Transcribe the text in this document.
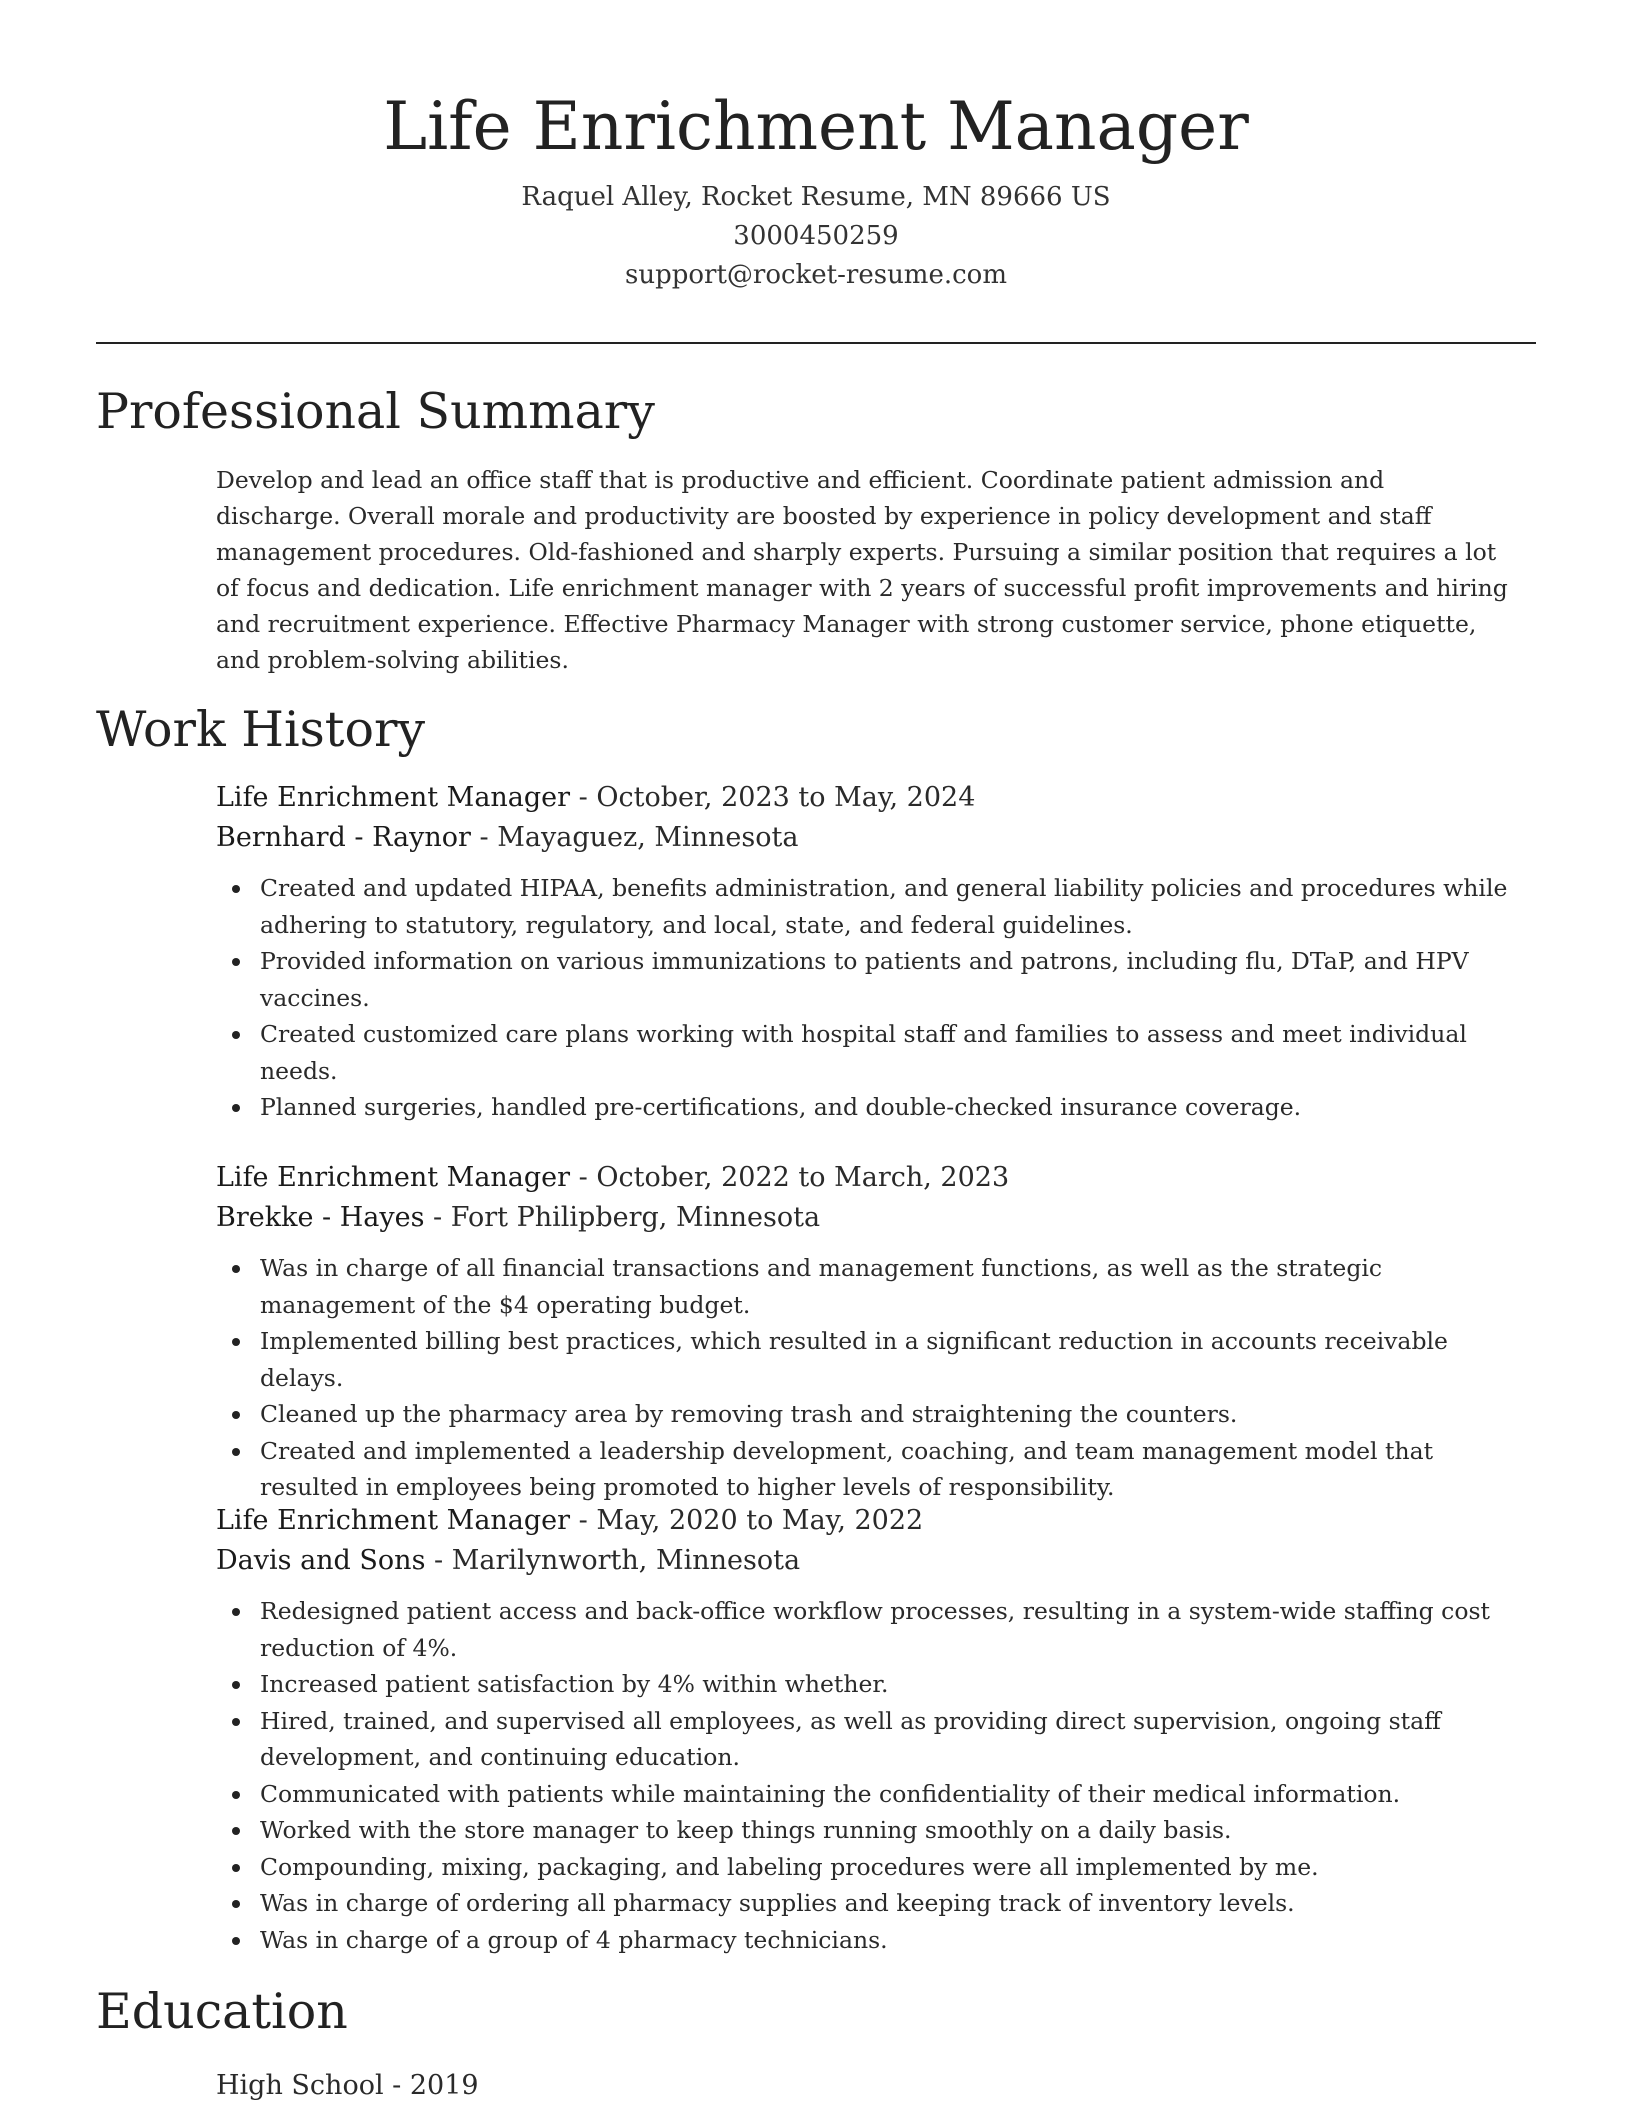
Life Enrichment Manager
Raquel Alley, Rocket Resume, MN 89666 US
3000450259
support@rocket-resume.com
Professional Summary
Develop and lead an office staff that is productive and efficient. Coordinate patient admission and discharge. Overall morale and productivity are boosted by experience in policy development and staff management procedures. Old-fashioned and sharply experts. Pursuing a similar position that requires a lot of focus and dedication. Life enrichment manager with 2 years of successful profit improvements and hiring and recruitment experience. Effective Pharmacy Manager with strong customer service, phone etiquette, and problem-solving abilities.
Work History
Life Enrichment Manager - October, 2023 to May, 2024
Bernhard - Raynor - Mayaguez, Minnesota
Created and updated HIPAA, benefits administration, and general liability policies and procedures while adhering to statutory, regulatory, and local, state, and federal guidelines.
Provided information on various immunizations to patients and patrons, including flu, DTaP, and HPV vaccines.
Created customized care plans working with hospital staff and families to assess and meet individual needs.
Planned surgeries, handled pre-certifications, and double-checked insurance coverage.
Life Enrichment Manager - October, 2022 to March, 2023
Brekke - Hayes - Fort Philipberg, Minnesota
Was in charge of all financial transactions and management functions, as well as the strategic management of the $4 operating budget.
Implemented billing best practices, which resulted in a significant reduction in accounts receivable delays.
Cleaned up the pharmacy area by removing trash and straightening the counters.
Created and implemented a leadership development, coaching, and team management model that resulted in employees being promoted to higher levels of responsibility.
Life Enrichment Manager - May, 2020 to May, 2022
Davis and Sons - Marilynworth, Minnesota
Redesigned patient access and back-office workflow processes, resulting in a system-wide staffing cost reduction of 4%.
Increased patient satisfaction by 4% within whether.
Hired, trained, and supervised all employees, as well as providing direct supervision, ongoing staff development, and continuing education.
Communicated with patients while maintaining the confidentiality of their medical information.
Worked with the store manager to keep things running smoothly on a daily basis.
Compounding, mixing, packaging, and labeling procedures were all implemented by me.
Was in charge of ordering all pharmacy supplies and keeping track of inventory levels.
Was in charge of a group of 4 pharmacy technicians.
Education
High School - 2019
